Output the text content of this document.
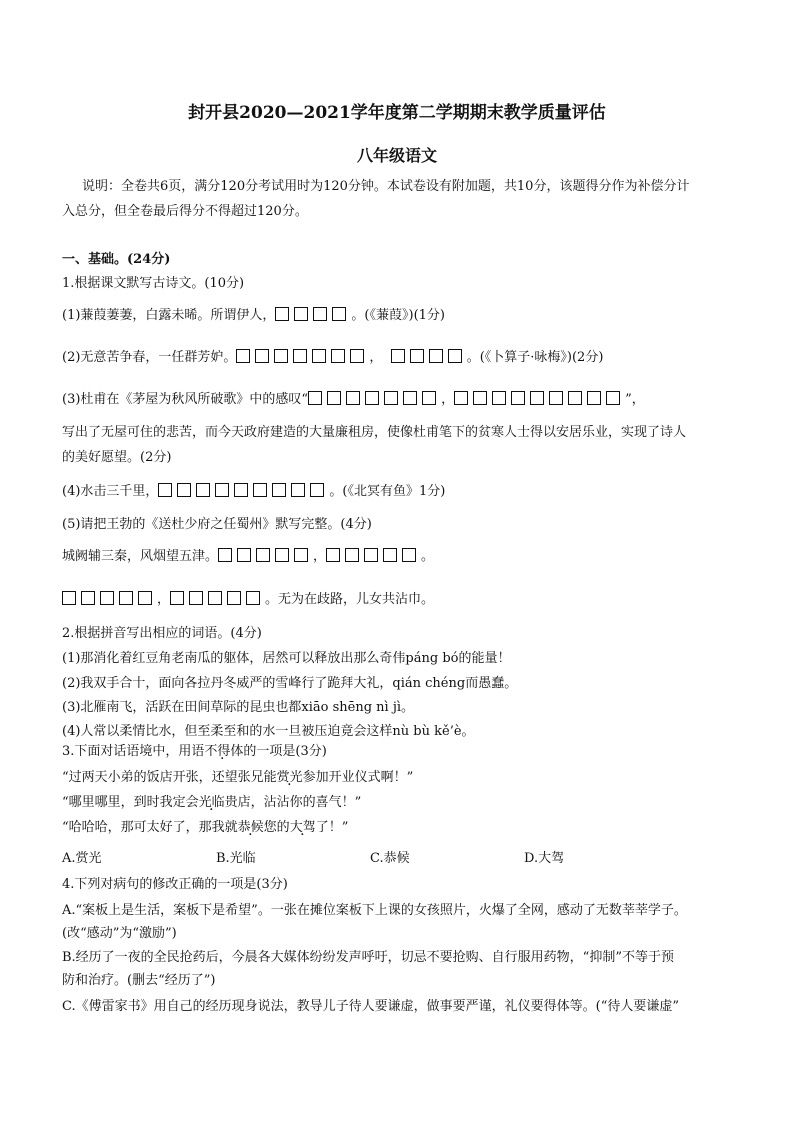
封开县2020—2021学年度第二学期期末教学质量评估
八年级语文
说明：全卷共6页，满分120分考试用时为120分钟。本试卷设有附加题，共10分，该题得分作为补偿分计
入总分，但全卷最后得分不得超过120分。
一、基础。(24分)
1.根据课文默写古诗文。(10分)
(1)蒹葭萋萋，白露未晞。所谓伊人，	。(《蒹葭》)(1分)
(2)无意苦争春，一任群芳妒。	，	。(《卜算子·咏梅》)(2分)
(3)杜甫在《茅屋为秋风所破歌》中的感叹“	，	”，
写出了无屋可住的悲苦，而今天政府建造的大量廉租房，使像杜甫笔下的贫寒人士得以安居乐业，实现了诗人
的美好愿望。(2分)
(4)水击三千里，	。(《北冥有鱼》1分)
(5)请把王勃的《送杜少府之任蜀州》默写完整。(4分)
城阙辅三秦，风烟望五津。	，	。
，	。无为在歧路，儿女共沾巾。
2.根据拼音写出相应的词语。(4分)
(1)那消化着红豆角老南瓜的躯体，居然可以释放出那么奇伟páng bó的能量！
(2)我双手合十，面向各拉丹冬威严的雪峰行了跪拜大礼，qián chéng而愚蠢。
(3)北雁南飞，活跃在田间草际的昆虫也都xiāo shēng nì jì。
(4)人常以柔情比水，但至柔至和的水一旦被压迫竟会这样nù bù kě’è。
3.下面对话语境中，用语不得体的一项是(3分)
“过两天小弟的饭店开张，还望张兄能赏光参加开业仪式啊！”
“哪里哪里，到时我定会光临贵店，沾沾你的喜气！”
“哈哈哈，那可太好了，那我就恭候您的大驾了！”
A.赏光	B.光临	C.恭候	D.大驾
4.下列对病句的修改正确的一项是(3分)
A.“案板上是生活，案板下是希望”。一张在摊位案板下上课的女孩照片，火爆了全网，感动了无数莘莘学子。
(改“感动”为“激励”)
B.经历了一夜的全民抢药后，今晨各大媒体纷纷发声呼吁，切忌不要抢购、自行服用药物，“抑制”不等于预
防和治疗。(删去“经历了”)
C.《傅雷家书》用自己的经历现身说法，教导儿子待人要谦虚，做事要严谨，礼仪要得体等。(“待人要谦虚”
